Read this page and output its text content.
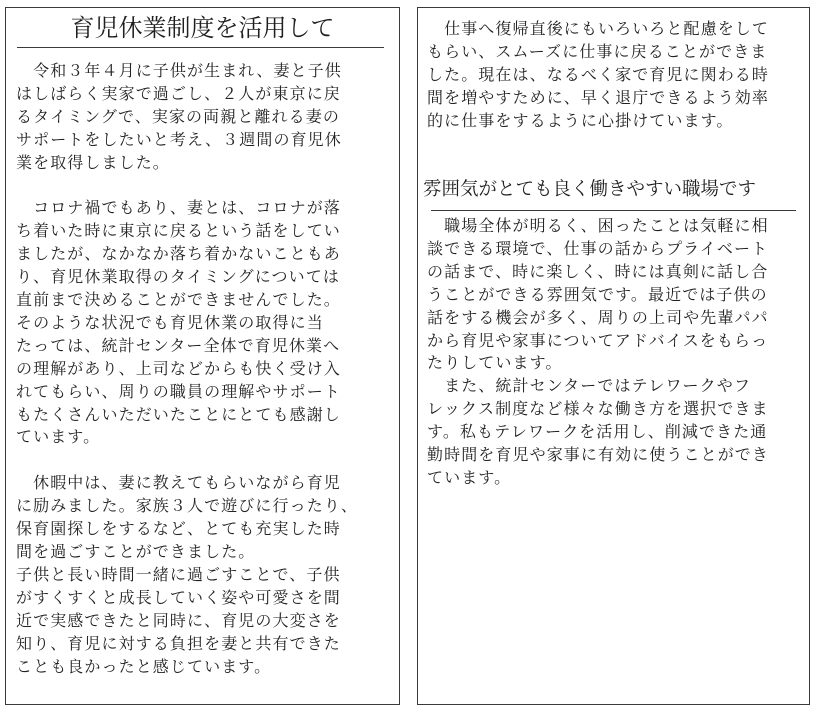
育児休業制度を活用して

　令和３年４月に子供が生まれ、妻と子供
はしばらく実家で過ごし、２人が東京に戻
るタイミングで、実家の両親と離れる妻の
サポートをしたいと考え、３週間の育児休
業を取得しました。

　コロナ禍でもあり、妻とは、コロナが落
ち着いた時に東京に戻るという話をしてい
ましたが、なかなか落ち着かないこともあ
り、育児休業取得のタイミングについては
直前まで決めることができませんでした。
そのような状況でも育児休業の取得に当
たっては、統計センター全体で育児休業へ
の理解があり、上司などからも快く受け入
れてもらい、周りの職員の理解やサポート
もたくさんいただいたことにとても感謝し
ています。

　休暇中は、妻に教えてもらいながら育児
に励みました。家族３人で遊びに行ったり、
保育園探しをするなど、とても充実した時
間を過ごすことができました。
子供と長い時間一緒に過ごすことで、子供
がすくすくと成長していく姿や可愛さを間
近で実感できたと同時に、育児の大変さを
知り、育児に対する負担を妻と共有できた
ことも良かったと感じています。

　仕事へ復帰直後にもいろいろと配慮をして
もらい、スムーズに仕事に戻ることができま
した。現在は、なるべく家で育児に関わる時
間を増やすために、早く退庁できるよう効率
的に仕事をするように心掛けています。

雰囲気がとても良く働きやすい職場です

　職場全体が明るく、困ったことは気軽に相
談できる環境で、仕事の話からプライベート
の話まで、時に楽しく、時には真剣に話し合
うことができる雰囲気です。最近では子供の
話をする機会が多く、周りの上司や先輩パパ
から育児や家事についてアドバイスをもらっ
たりしています。

　また、統計センターではテレワークやフ
レックス制度など様々な働き方を選択できま
す。私もテレワークを活用し、削減できた通
勤時間を育児や家事に有効に使うことができ
ています。
